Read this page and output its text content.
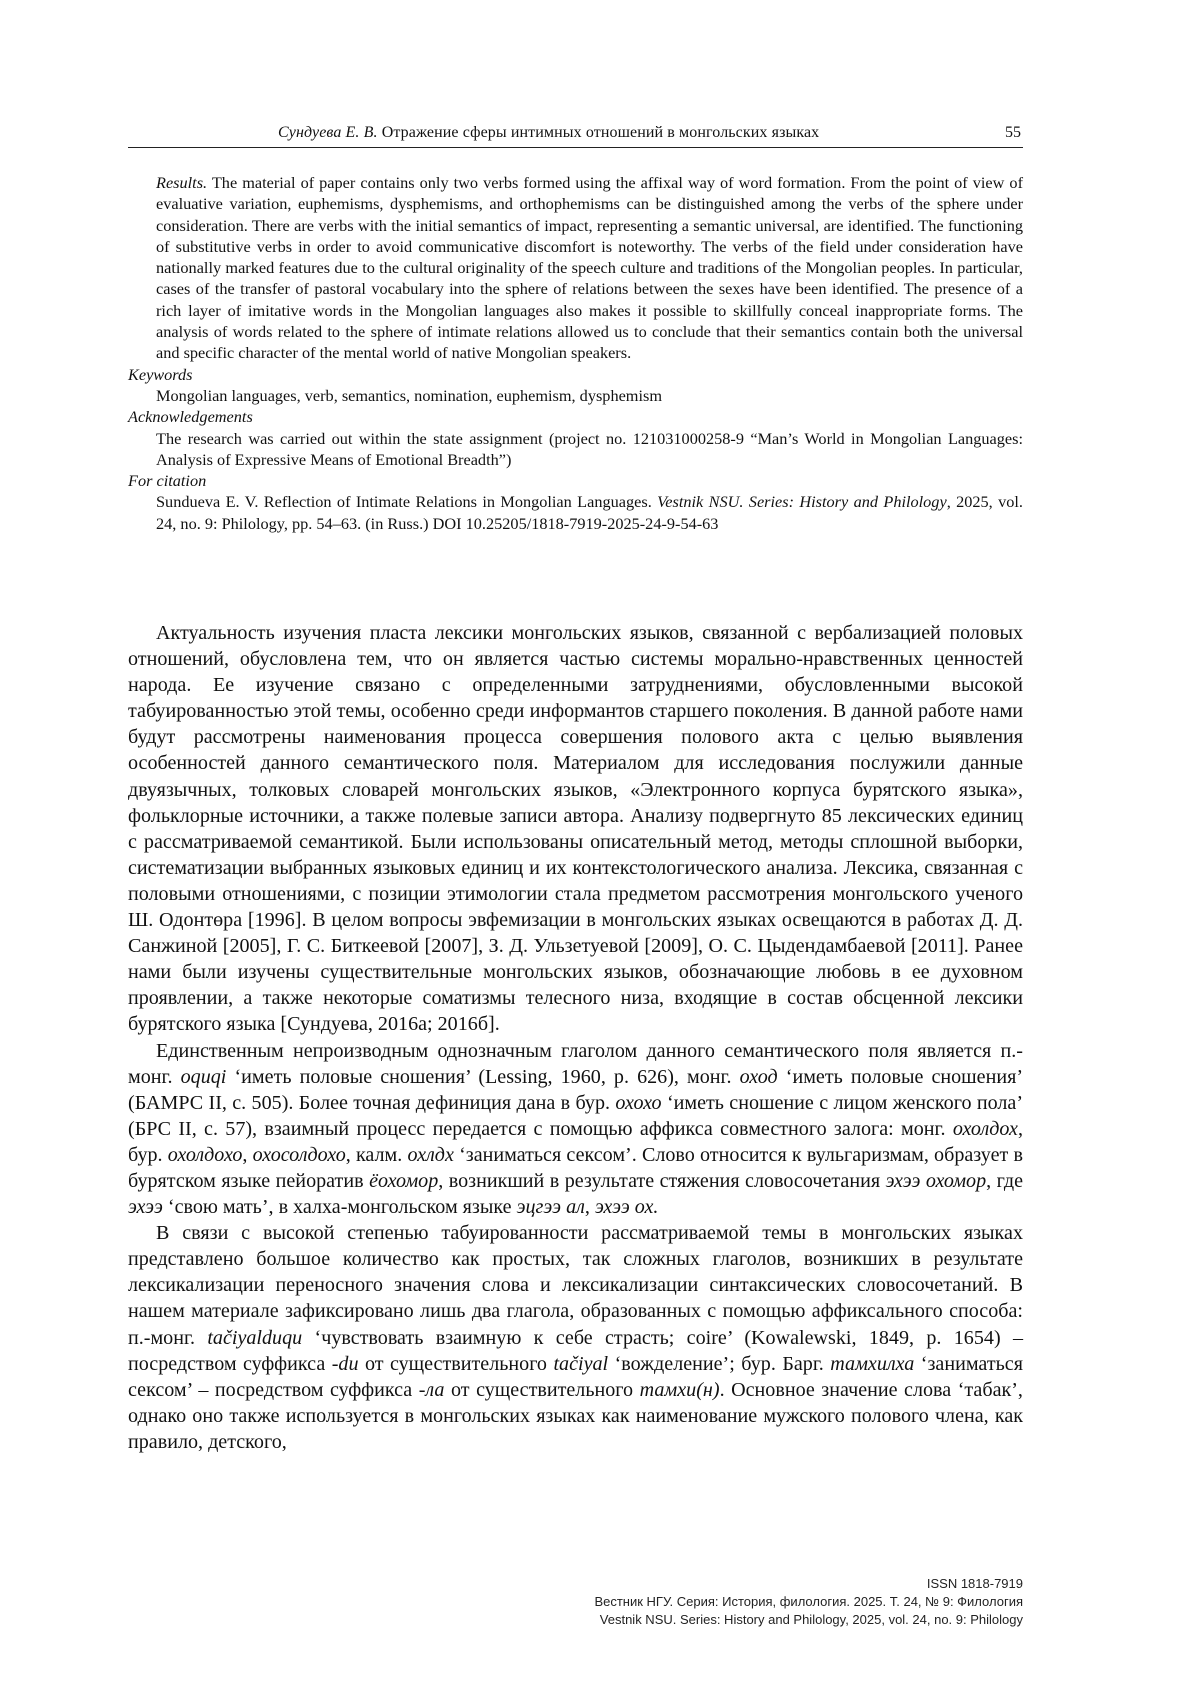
Сундуева Е. В. Отражение сферы интимных отношений в монгольских языках	55

Results. The material of paper contains only two verbs formed using the affixal way of word formation. From the point of view of evaluative variation, euphemisms, dysphemisms, and orthophemisms can be distinguished among the verbs of the sphere under consideration. There are verbs with the initial semantics of impact, representing a semantic universal, are identified. The functioning of substitutive verbs in order to avoid communicative discomfort is noteworthy. The verbs of the field under consideration have nationally marked features due to the cultural originality of the speech culture and traditions of the Mongolian peoples. In particular, cases of the transfer of pastoral vocabulary into the sphere of relations between the sexes have been identified. The presence of a rich layer of imitative words in the Mongolian languages also makes it possible to skillfully conceal inappropriate forms. The analysis of words related to the sphere of intimate relations allowed us to conclude that their semantics contain both the universal and specific character of the mental world of native Mongolian speakers.

Keywords

Mongolian languages, verb, semantics, nomination, euphemism, dysphemism

Acknowledgements

The research was carried out within the state assignment (project no. 121031000258-9 “Man’s World in Mongolian Languages: Analysis of Expressive Means of Emotional Breadth”)

For citation

Sundueva E. V. Reflection of Intimate Relations in Mongolian Languages. Vestnik NSU. Series: History and Philology, 2025, vol. 24, no. 9: Philology, pp. 54–63. (in Russ.) DOI 10.25205/1818-7919-2025-24-9-54-63

Актуальность изучения пласта лексики монгольских языков, связанной с вербализацией половых отношений, обусловлена тем, что он является частью системы морально-нравственных ценностей народа. Ее изучение связано с определенными затруднениями, обусловленными высокой табуированностью этой темы, особенно среди информантов старшего поколения. В данной работе нами будут рассмотрены наименования процесса совершения полового акта с целью выявления особенностей данного семантического поля. Материалом для исследования послужили данные двуязычных, толковых словарей монгольских языков, «Электронного корпуса бурятского языка», фольклорные источники, а также полевые записи автора. Анализу подвергнуто 85 лексических единиц с рассматриваемой семантикой. Были использованы описательный метод, методы сплошной выборки, систематизации выбранных языковых единиц и их контекстологического анализа. Лексика, связанная с половыми отношениями, с позиции этимологии стала предметом рассмотрения монгольского ученого Ш. Одонтөра [1996]. В целом вопросы эвфемизации в монгольских языках освещаются в работах Д. Д. Санжиной [2005], Г. С. Биткеевой [2007], З. Д. Ульзетуевой [2009], О. С. Цыдендамбаевой [2011]. Ранее нами были изучены существительные монгольских языков, обозначающие любовь в ее духовном проявлении, а также некоторые соматизмы телесного низа, входящие в состав обсценной лексики бурятского языка [Сундуева, 2016а; 2016б].

Единственным непроизводным однозначным глаголом данного семантического поля является п.-монг. oquqi ‘иметь половые сношения’ (Lessing, 1960, p. 626), монг. оход ‘иметь половые сношения’ (БАМРС II, с. 505). Более точная дефиниция дана в бур. охохо ‘иметь сношение с лицом женского пола’ (БРС II, с. 57), взаимный процесс передается с помощью аффикса совместного залога: монг. охолдох, бур. охолдохо, охосолдохо, калм. охлдх ‘заниматься сексом’. Слово относится к вульгаризмам, образует в бурятском языке пейоратив ёохомор, возникший в результате стяжения словосочетания эхээ охомор, где эхээ ‘свою мать’, в халха-монгольском языке эцгээ ал, эхээ ох.

В связи с высокой степенью табуированности рассматриваемой темы в монгольских языках представлено большое количество как простых, так сложных глаголов, возникших в результате лексикализации переносного значения слова и лексикализации синтаксических словосочетаний. В нашем материале зафиксировано лишь два глагола, образованных с помощью аффиксального способа: п.-монг. tačiyalduqu ‘чувствовать взаимную к себе страсть; coire’ (Kowalewski, 1849, p. 1654) – посредством суффикса -du от существительного tačiyal ‘вожделение’; бур. Барг. тамхилха ‘заниматься сексом’ – посредством суффикса -ла от существительного тамхи(н). Основное значение слова ‘табак’, однако оно также используется в монгольских языках как наименование мужского полового члена, как правило, детского,

ISSN 1818-7919
Вестник НГУ. Серия: История, филология. 2025. Т. 24, № 9: Филология
Vestnik NSU. Series: History and Philology, 2025, vol. 24, no. 9: Philology
